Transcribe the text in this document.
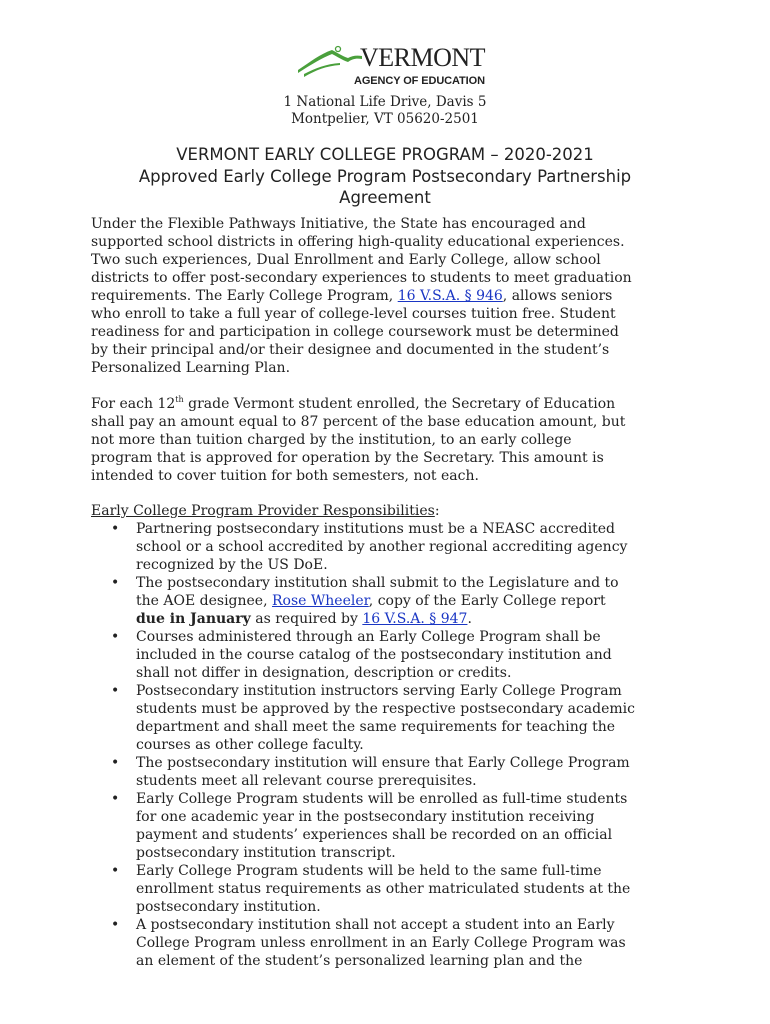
VERMONT
AGENCY OF EDUCATION
1 National Life Drive, Davis 5
Montpelier, VT 05620-2501
VERMONT EARLY COLLEGE PROGRAM – 2020-2021
Approved Early College Program Postsecondary Partnership
Agreement
Under the Flexible Pathways Initiative, the State has encouraged and
supported school districts in offering high-quality educational experiences.
Two such experiences, Dual Enrollment and Early College, allow school
districts to offer post-secondary experiences to students to meet graduation
requirements. The Early College Program, 16 V.S.A. § 946, allows seniors
who enroll to take a full year of college-level courses tuition free. Student
readiness for and participation in college coursework must be determined
by their principal and/or their designee and documented in the student’s
Personalized Learning Plan.
For each 12th grade Vermont student enrolled, the Secretary of Education
shall pay an amount equal to 87 percent of the base education amount, but
not more than tuition charged by the institution, to an early college
program that is approved for operation by the Secretary. This amount is
intended to cover tuition for both semesters, not each.
Early College Program Provider Responsibilities:
• Partnering postsecondary institutions must be a NEASC accredited
school or a school accredited by another regional accrediting agency
recognized by the US DoE.
• The postsecondary institution shall submit to the Legislature and to
the AOE designee, Rose Wheeler, copy of the Early College report
due in January as required by 16 V.S.A. § 947.
• Courses administered through an Early College Program shall be
included in the course catalog of the postsecondary institution and
shall not differ in designation, description or credits.
• Postsecondary institution instructors serving Early College Program
students must be approved by the respective postsecondary academic
department and shall meet the same requirements for teaching the
courses as other college faculty.
• The postsecondary institution will ensure that Early College Program
students meet all relevant course prerequisites.
• Early College Program students will be enrolled as full-time students
for one academic year in the postsecondary institution receiving
payment and students’ experiences shall be recorded on an official
postsecondary institution transcript.
• Early College Program students will be held to the same full-time
enrollment status requirements as other matriculated students at the
postsecondary institution.
• A postsecondary institution shall not accept a student into an Early
College Program unless enrollment in an Early College Program was
an element of the student’s personalized learning plan and the
